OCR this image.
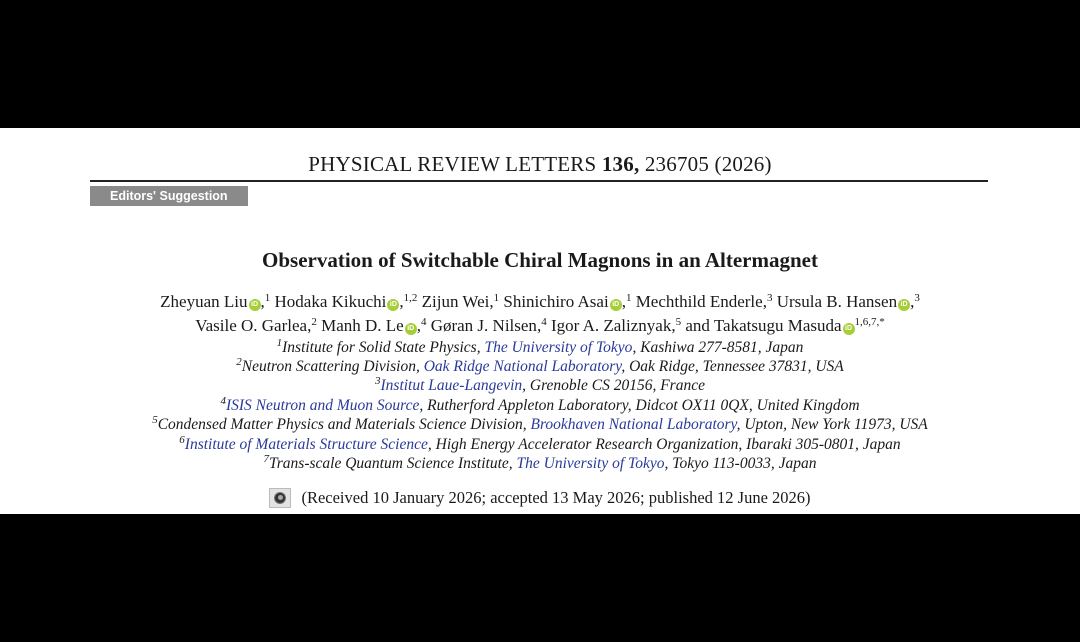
PHYSICAL REVIEW LETTERS 136, 236705 (2026)
Editors' Suggestion
Observation of Switchable Chiral Magnons in an Altermagnet
Zheyuan Liu iD ,$^1$ Hodaka Kikuchi iD ,$^{1,2}$ Zijun Wei,$^1$ Shinichiro Asai iD ,$^1$ Mechthild Enderle,$^3$ Ursula B. Hansen iD ,$^3$
Vasile O. Garlea,$^2$ Manh D. Le iD ,$^4$ Gøran J. Nilsen,$^4$ Igor A. Zaliznyak,$^5$ and Takatsugu Masuda $iD^{1,6,7,*}$
$^1$Institute for Solid State Physics, The University of Tokyo, Kashiwa 277-8581, Japan
$^2$Neutron Scattering Division, Oak Ridge National Laboratory, Oak Ridge, Tennessee 37831, USA
$^3$Institut Laue-Langevin, Grenoble CS 20156, France
$^4$ISIS Neutron and Muon Source, Rutherford Appleton Laboratory, Didcot OX11 0QX, United Kingdom
$^5$Condensed Matter Physics and Materials Science Division, Brookhaven National Laboratory, Upton, New York 11973, USA
$^6$Institute of Materials Structure Science, High Energy Accelerator Research Organization, Ibaraki 305-0801, Japan
$^7$Trans-scale Quantum Science Institute, The University of Tokyo, Tokyo 113-0033, Japan
(Received 10 January 2026; accepted 13 May 2026; published 12 June 2026)
